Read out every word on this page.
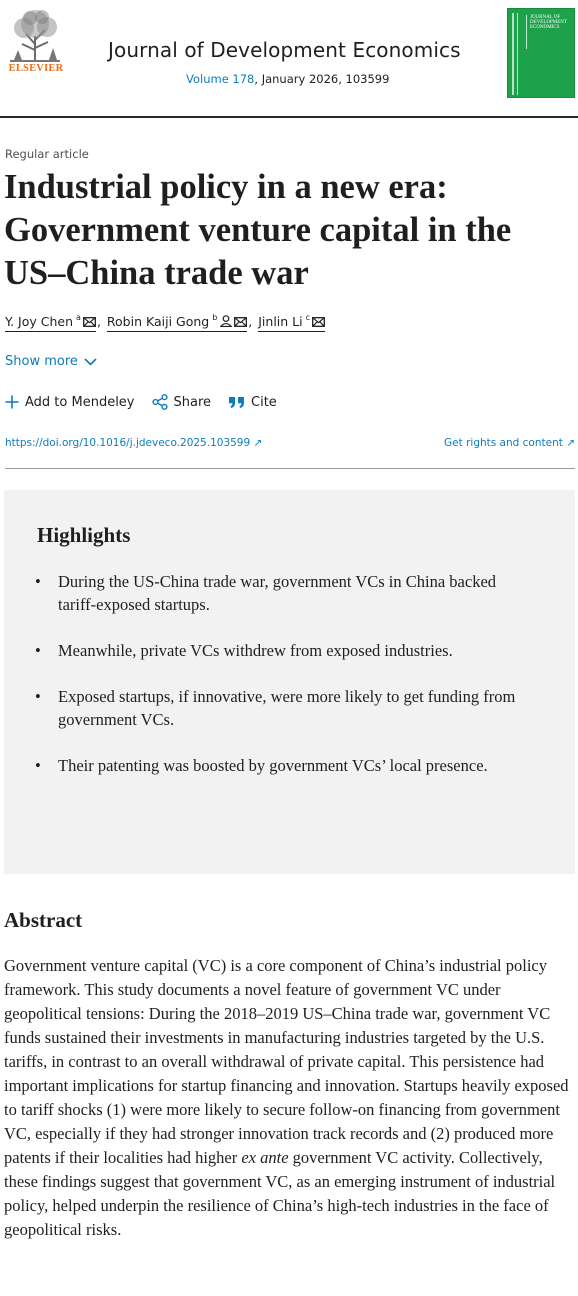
ELSEVIER
Journal of Development Economics
Volume 178, January 2026, 103599
JOURNAL OF DEVELOPMENT ECONOMICS
Regular article
Industrial policy in a new era: Government venture capital in the US–China trade war
Y. Joy Chen $^a$ , Robin Kaiji Gong $^b$ , Jinlin Li $^c$
Show more
Add to Mendeley	Share	Cite
https://doi.org/10.1016/j.jdeveco.2025.103599 ↗	Get rights and content ↗
Highlights
• During the US-China trade war, government VCs in China backed tariff-exposed startups.
• Meanwhile, private VCs withdrew from exposed industries.
• Exposed startups, if innovative, were more likely to get funding from government VCs.
• Their patenting was boosted by government VCs’ local presence.
Abstract

Government venture capital (VC) is a core component of China’s industrial policy framework. This study documents a novel feature of government VC under geopolitical tensions: During the 2018–2019 US–China trade war, government VC funds sustained their investments in manufacturing industries targeted by the U.S. tariffs, in contrast to an overall withdrawal of private capital. This persistence had important implications for startup financing and innovation. Startups heavily exposed to tariff shocks (1) were more likely to secure follow-on financing from government VC, especially if they had stronger innovation track records and (2) produced more patents if their localities had higher ex ante government VC activity. Collectively, these findings suggest that government VC, as an emerging instrument of industrial policy, helped underpin the resilience of China’s high-tech industries in the face of geopolitical risks.
